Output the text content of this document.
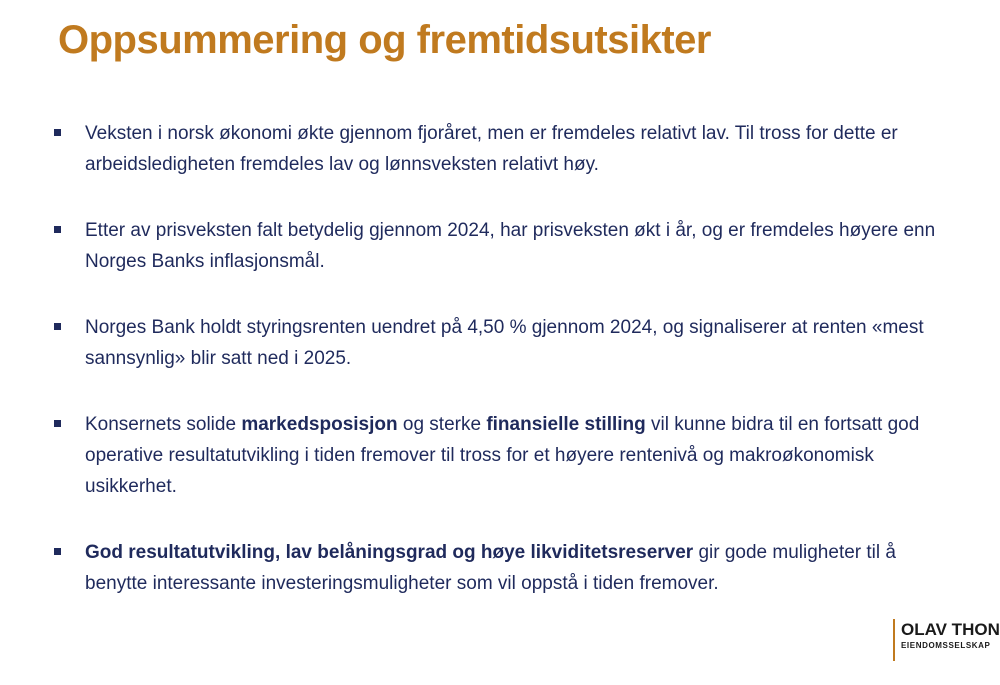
Oppsummering og fremtidsutsikter
Veksten i norsk økonomi økte gjennom fjoråret, men er fremdeles relativt lav. Til tross for dette er arbeidsledigheten fremdeles lav og lønnsveksten relativt høy.
Etter av prisveksten falt betydelig gjennom 2024, har prisveksten økt i år, og er fremdeles høyere enn Norges Banks inflasjonsmål.
Norges Bank holdt styringsrenten uendret på 4,50 % gjennom 2024, og signaliserer at renten «mest sannsynlig» blir satt ned i 2025.
Konsernets solide markedsposisjon og sterke finansielle stilling vil kunne bidra til en fortsatt god operative resultatutvikling i tiden fremover til tross for et høyere rentenivå og makroøkonomisk usikkerhet.
God resultatutvikling, lav belåningsgrad og høye likviditetsreserver gir gode muligheter til å benytte interessante investeringsmuligheter som vil oppstå i tiden fremover.
OLAV THON
EIENDOMSSELSKAP
